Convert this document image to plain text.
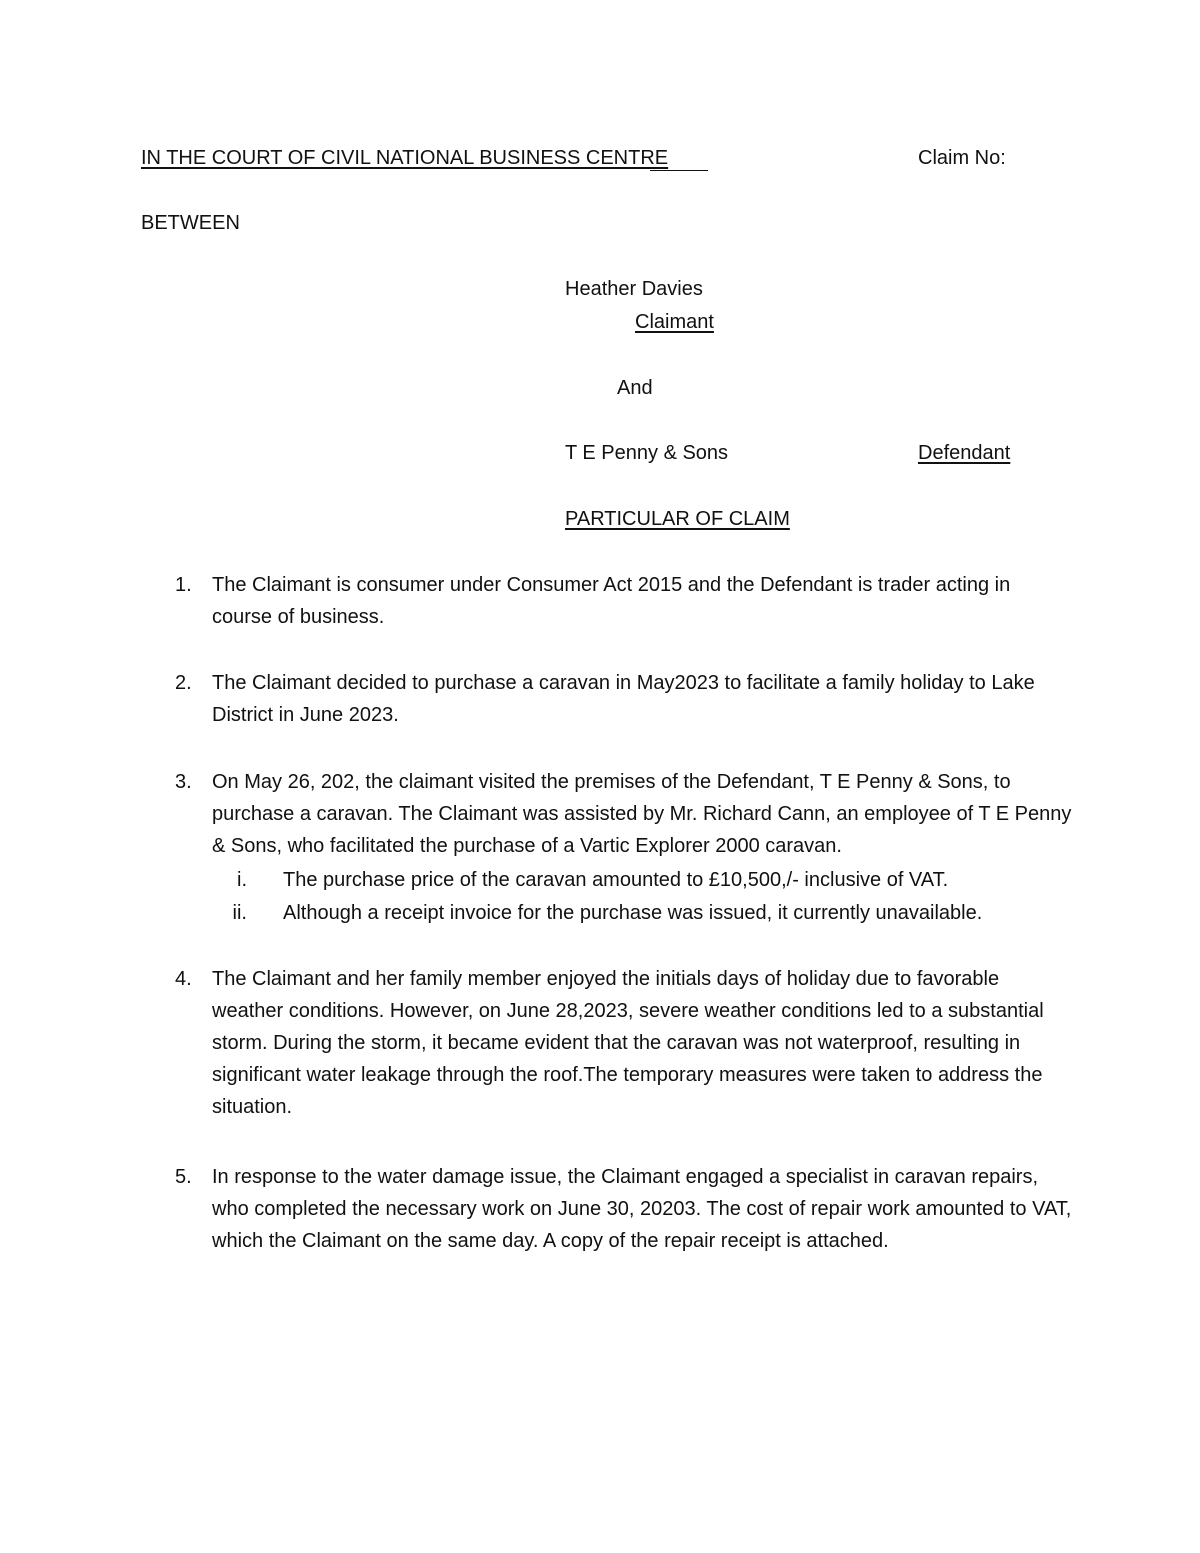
IN THE COURT OF CIVIL NATIONAL BUSINESS CENTRE	Claim No:
BETWEEN
Heather Davies
Claimant
And
T E Penny & Sons	Defendant
PARTICULAR OF CLAIM
1. The Claimant is consumer under Consumer Act 2015 and the Defendant is trader acting in course of business.
2. The Claimant decided to purchase a caravan in May2023 to facilitate a family holiday to Lake District in June 2023.
3. On May 26, 202, the claimant visited the premises of the Defendant, T E Penny & Sons, to purchase a caravan. The Claimant was assisted by Mr. Richard Cann, an employee of T E Penny & Sons, who facilitated the purchase of a Vartic Explorer 2000 caravan.
i. The purchase price of the caravan amounted to £10,500,/- inclusive of VAT.
ii. Although a receipt invoice for the purchase was issued, it currently unavailable.
4. The Claimant and her family member enjoyed the initials days of holiday due to favorable weather conditions. However, on June 28,2023, severe weather conditions led to a substantial storm. During the storm, it became evident that the caravan was not waterproof, resulting in significant water leakage through the roof.The temporary measures were taken to address the situation.
5. In response to the water damage issue, the Claimant engaged a specialist in caravan repairs, who completed the necessary work on June 30, 20203. The cost of repair work amounted to VAT, which the Claimant on the same day. A copy of the repair receipt is attached.
